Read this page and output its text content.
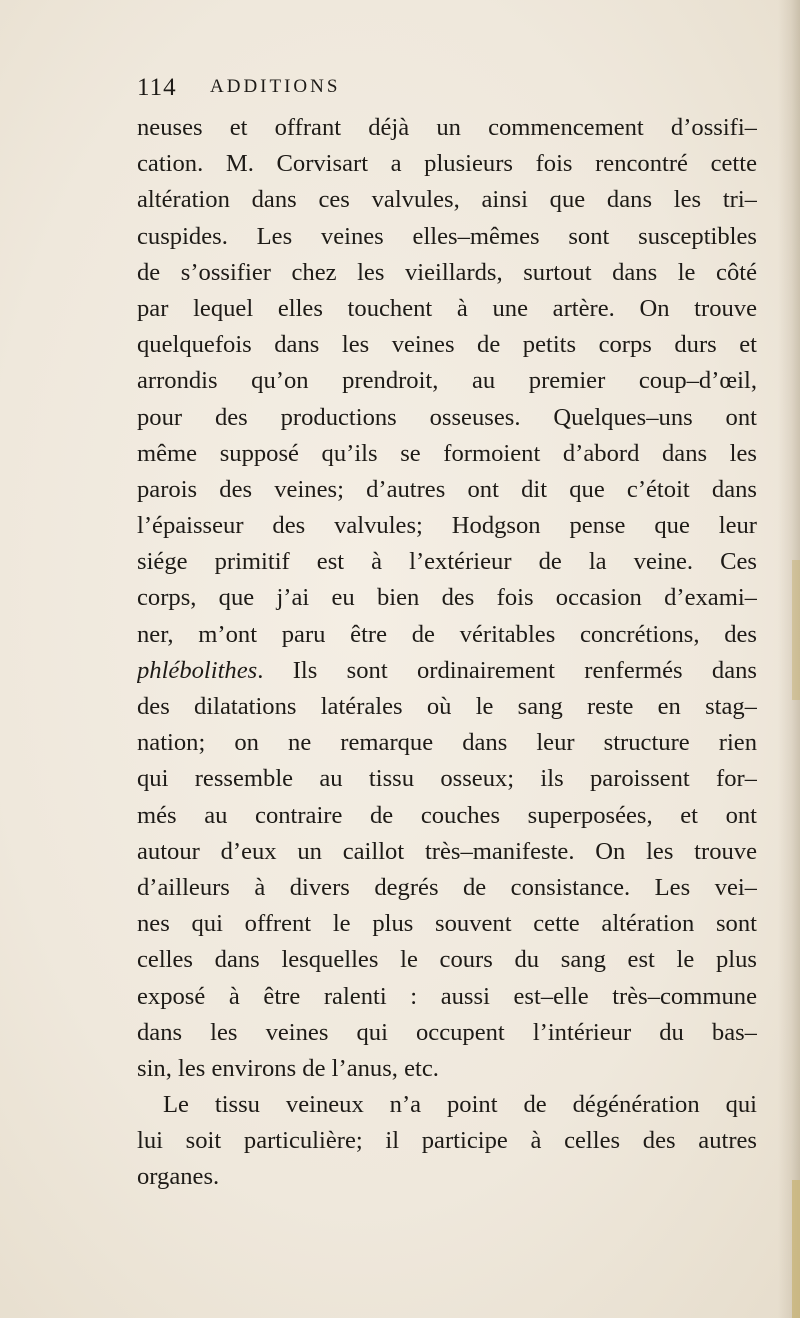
114 ADDITIONS
neuses et offrant déjà un commencement d’ossifi–
cation. M. Corvisart a plusieurs fois rencontré cette
altération dans ces valvules, ainsi que dans les tri–
cuspides. Les veines elles–mêmes sont susceptibles
de s’ossifier chez les vieillards, surtout dans le côté
par lequel elles touchent à une artère. On trouve
quelquefois dans les veines de petits corps durs et
arrondis qu’on prendroit, au premier coup–d’œil,
pour des productions osseuses. Quelques–uns ont
même supposé qu’ils se formoient d’abord dans les
parois des veines; d’autres ont dit que c’étoit dans
l’épaisseur des valvules; Hodgson pense que leur
siége primitif est à l’extérieur de la veine. Ces
corps, que j’ai eu bien des fois occasion d’exami–
ner, m’ont paru être de véritables concrétions, des
phlébolithes. Ils sont ordinairement renfermés dans
des dilatations latérales où le sang reste en stag–
nation; on ne remarque dans leur structure rien
qui ressemble au tissu osseux; ils paroissent for–
més au contraire de couches superposées, et ont
autour d’eux un caillot très–manifeste. On les trouve
d’ailleurs à divers degrés de consistance. Les vei–
nes qui offrent le plus souvent cette altération sont
celles dans lesquelles le cours du sang est le plus
exposé à être ralenti : aussi est–elle très–commune
dans les veines qui occupent l’intérieur du bas–
sin, les environs de l’anus, etc.
Le tissu veineux n’a point de dégénération qui
lui soit particulière; il participe à celles des autres
organes.
